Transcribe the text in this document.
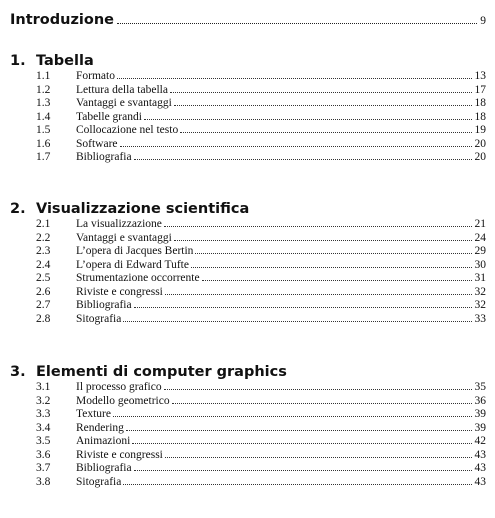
Introduzione	9
1. Tabella
1.1	Formato	13
1.2	Lettura della tabella	17
1.3	Vantaggi e svantaggi	18
1.4	Tabelle grandi	18
1.5	Collocazione nel testo	19
1.6	Software	20
1.7	Bibliografia	20
2. Visualizzazione scientifica
2.1	La visualizzazione	21
2.2	Vantaggi e svantaggi	24
2.3	L’opera di Jacques Bertin	29
2.4	L’opera di Edward Tufte	30
2.5	Strumentazione occorrente	31
2.6	Riviste e congressi	32
2.7	Bibliografia	32
2.8	Sitografia	33
3. Elementi di computer graphics
3.1	Il processo grafico	35
3.2	Modello geometrico	36
3.3	Texture	39
3.4	Rendering	39
3.5	Animazioni	42
3.6	Riviste e congressi	43
3.7	Bibliografia	43
3.8	Sitografia	43
